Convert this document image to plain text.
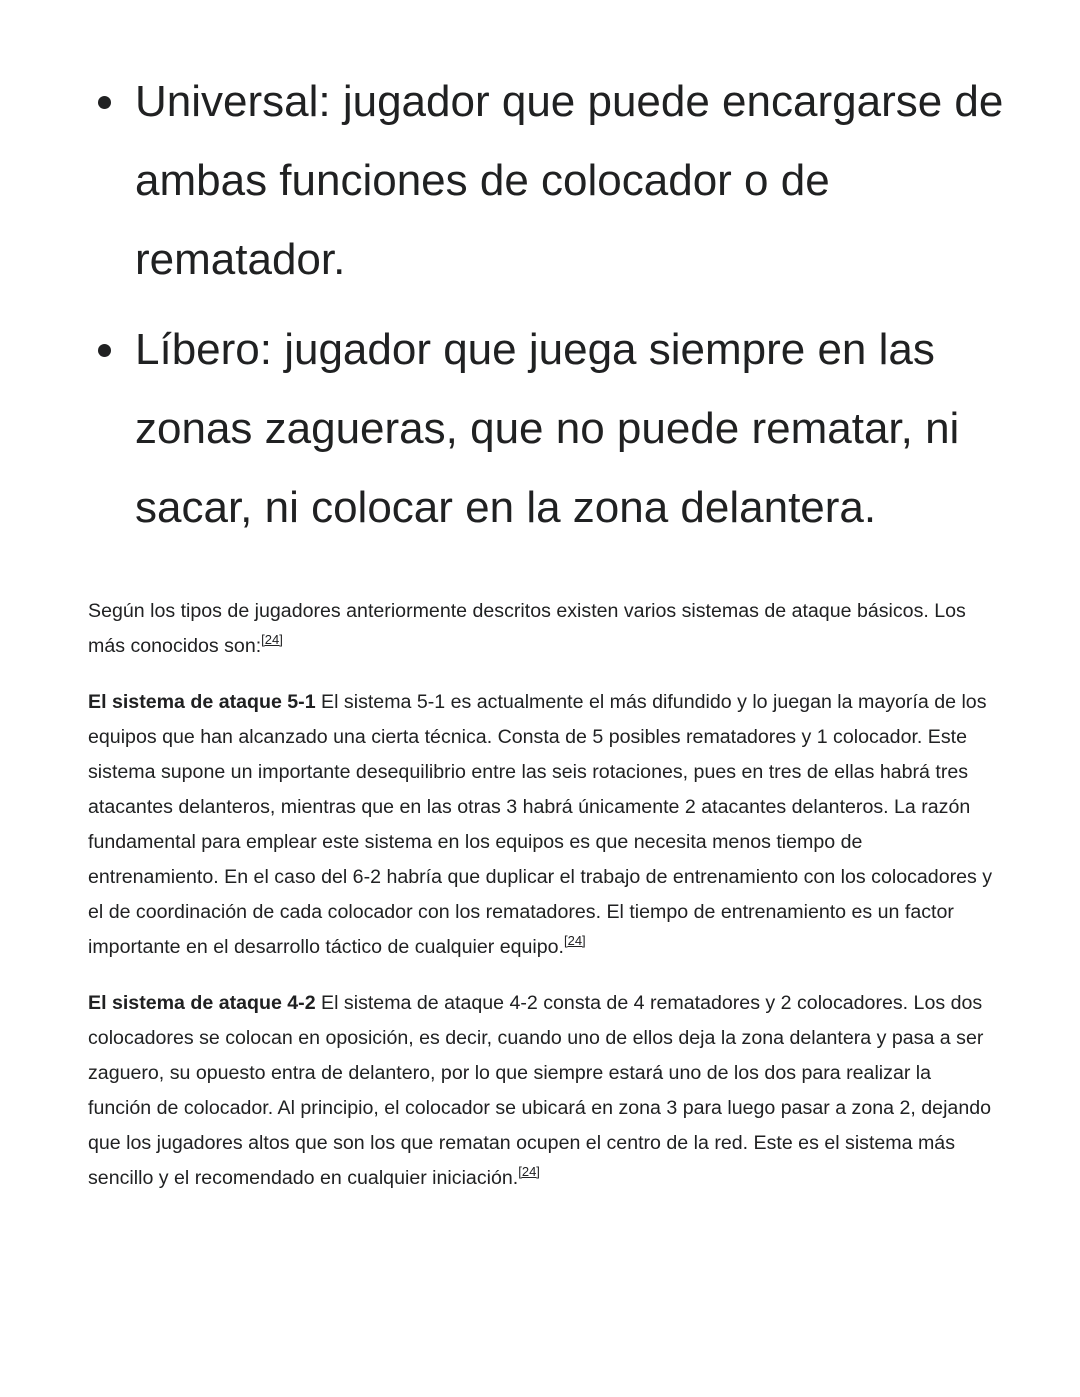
Universal: jugador que puede encargarse de ambas funciones de colocador o de rematador.
Líbero: jugador que juega siempre en las zonas zagueras, que no puede rematar, ni sacar, ni colocar en la zona delantera.

Según los tipos de jugadores anteriormente descritos existen varios sistemas de ataque básicos. Los más conocidos son:[24]

El sistema de ataque 5-1 El sistema 5-1 es actualmente el más difundido y lo juegan la mayoría de los equipos que han alcanzado una cierta técnica. Consta de 5 posibles rematadores y 1 colocador. Este sistema supone un importante desequilibrio entre las seis rotaciones, pues en tres de ellas habrá tres atacantes delanteros, mientras que en las otras 3 habrá únicamente 2 atacantes delanteros. La razón fundamental para emplear este sistema en los equipos es que necesita menos tiempo de entrenamiento. En el caso del 6-2 habría que duplicar el trabajo de entrenamiento con los colocadores y el de coordinación de cada colocador con los rematadores. El tiempo de entrenamiento es un factor importante en el desarrollo táctico de cualquier equipo.[24]

El sistema de ataque 4-2 El sistema de ataque 4-2 consta de 4 rematadores y 2 colocadores. Los dos colocadores se colocan en oposición, es decir, cuando uno de ellos deja la zona delantera y pasa a ser zaguero, su opuesto entra de delantero, por lo que siempre estará uno de los dos para realizar la función de colocador. Al principio, el colocador se ubicará en zona 3 para luego pasar a zona 2, dejando que los jugadores altos que son los que rematan ocupen el centro de la red. Este es el sistema más sencillo y el recomendado en cualquier iniciación.[24]
